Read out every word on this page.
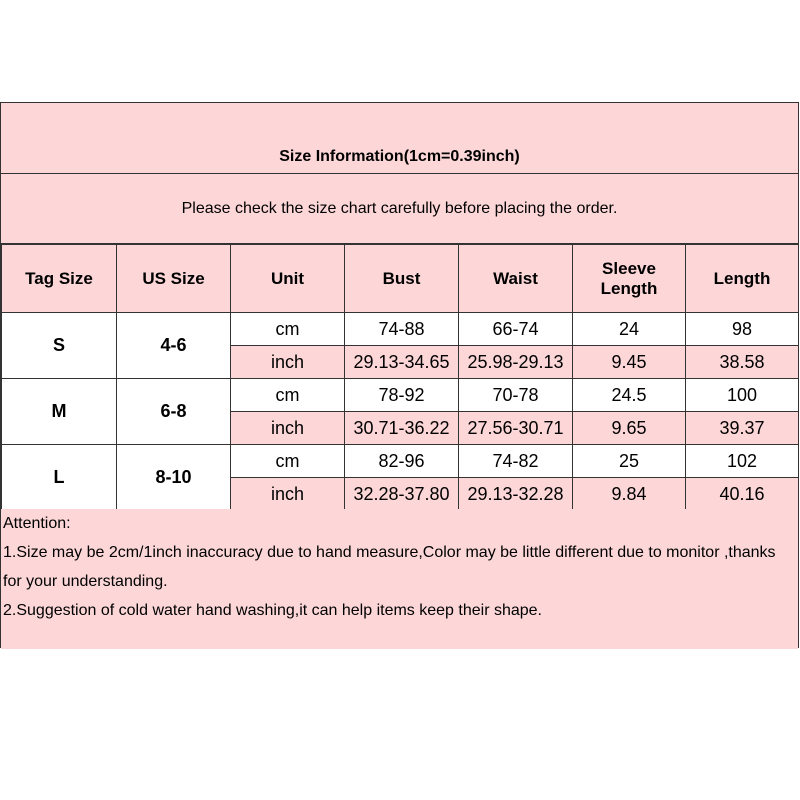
Size Information(1cm=0.39inch)
Please check the size chart carefully before placing the order.
Tag Size	US Size	Unit	Bust	Waist	Sleeve Length	Length
S	4-6	cm	74-88	66-74	24	98
		inch	29.13-34.65	25.98-29.13	9.45	38.58
M	6-8	cm	78-92	70-78	24.5	100
		inch	30.71-36.22	27.56-30.71	9.65	39.37
L	8-10	cm	82-96	74-82	25	102
		inch	32.28-37.80	29.13-32.28	9.84	40.16

Attention:

1.Size may be 2cm/1inch inaccuracy due to hand measure,Color may be little different due to monitor ,thanks for your understanding.

2.Suggestion of cold water hand washing,it can help items keep their shape.
